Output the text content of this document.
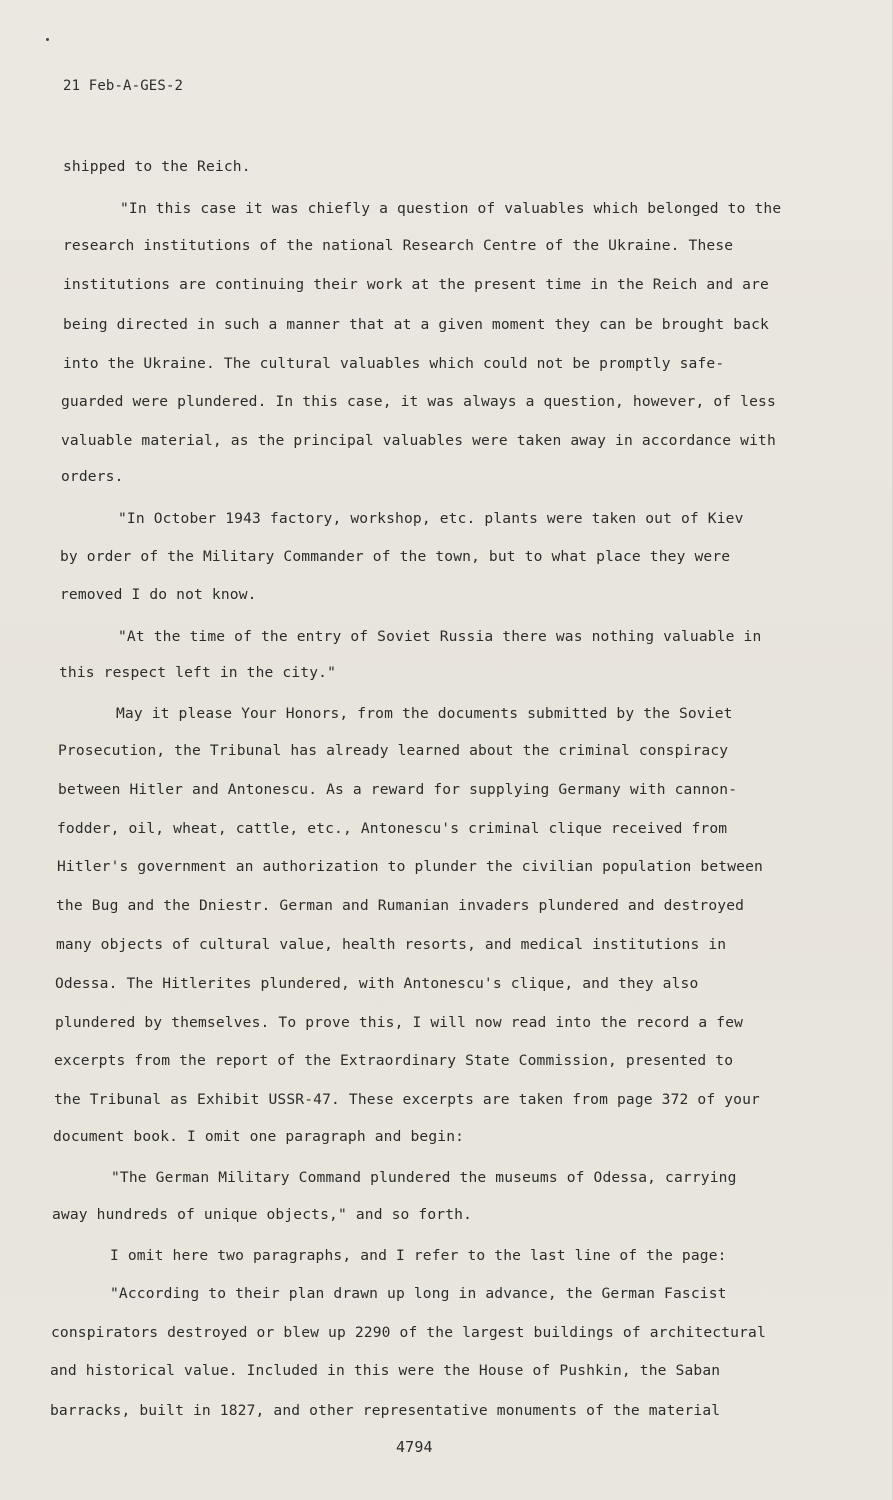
21 Feb-A-GES-2
shipped to the Reich.
"In this case it was chiefly a question of valuables which belonged to the
research institutions of the national Research Centre of the Ukraine. These
institutions are continuing their work at the present time in the Reich and are
being directed in such a manner that at a given moment they can be brought back
into the Ukraine. The cultural valuables which could not be promptly safe-
guarded were plundered. In this case, it was always a question, however, of less
valuable material, as the principal valuables were taken away in accordance with
orders.
"In October 1943 factory, workshop, etc. plants were taken out of Kiev
by order of the Military Commander of the town, but to what place they were
removed I do not know.
"At the time of the entry of Soviet Russia there was nothing valuable in
this respect left in the city."
May it please Your Honors, from the documents submitted by the Soviet
Prosecution, the Tribunal has already learned about the criminal conspiracy
between Hitler and Antonescu. As a reward for supplying Germany with cannon-
fodder, oil, wheat, cattle, etc., Antonescu's criminal clique received from
Hitler's government an authorization to plunder the civilian population between
the Bug and the Dniestr. German and Rumanian invaders plundered and destroyed
many objects of cultural value, health resorts, and medical institutions in
Odessa. The Hitlerites plundered, with Antonescu's clique, and they also
plundered by themselves. To prove this, I will now read into the record a few
excerpts from the report of the Extraordinary State Commission, presented to
the Tribunal as Exhibit USSR-47. These excerpts are taken from page 372 of your
document book. I omit one paragraph and begin:
"The German Military Command plundered the museums of Odessa, carrying
away hundreds of unique objects," and so forth.
I omit here two paragraphs, and I refer to the last line of the page:
"According to their plan drawn up long in advance, the German Fascist
conspirators destroyed or blew up 2290 of the largest buildings of architectural
and historical value. Included in this were the House of Pushkin, the Saban
barracks, built in 1827, and other representative monuments of the material
4794
